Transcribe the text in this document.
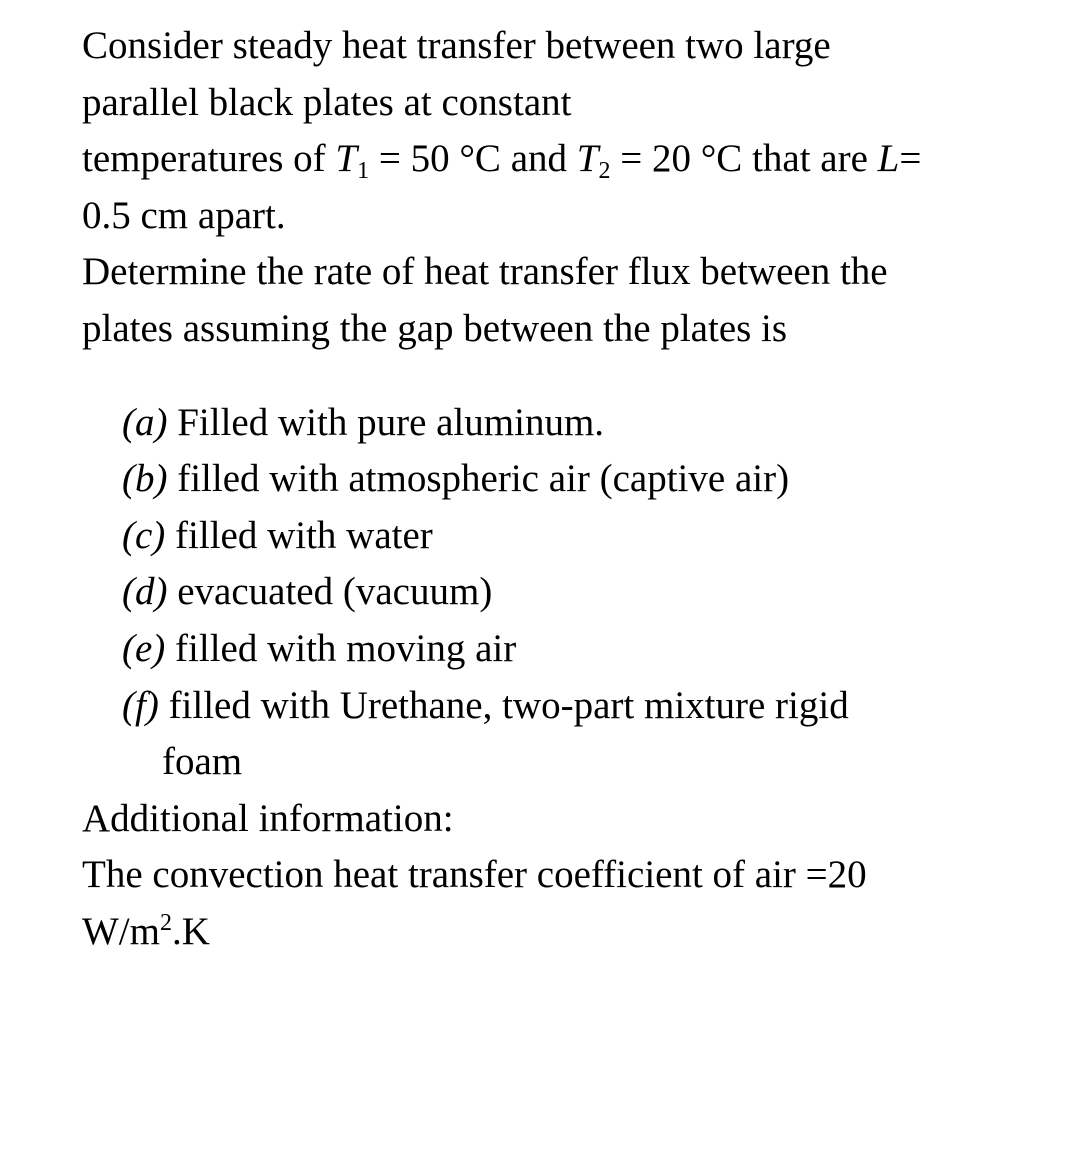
Consider steady heat transfer between two large
parallel black plates at constant
temperatures of $T_1 = 50$ °C and $T_2 = 20$ °C that are L=
0.5 cm apart.
Determine the rate of heat transfer flux between the
plates assuming the gap between the plates is
(a) Filled with pure aluminum.
(b) filled with atmospheric air (captive air)
(c) filled with water
(d) evacuated (vacuum)
(e) filled with moving air
(f) filled with Urethane, two-part mixture rigid
foam
Additional information:
The convection heat transfer coefficient of air =20
$W/m^2.K$
